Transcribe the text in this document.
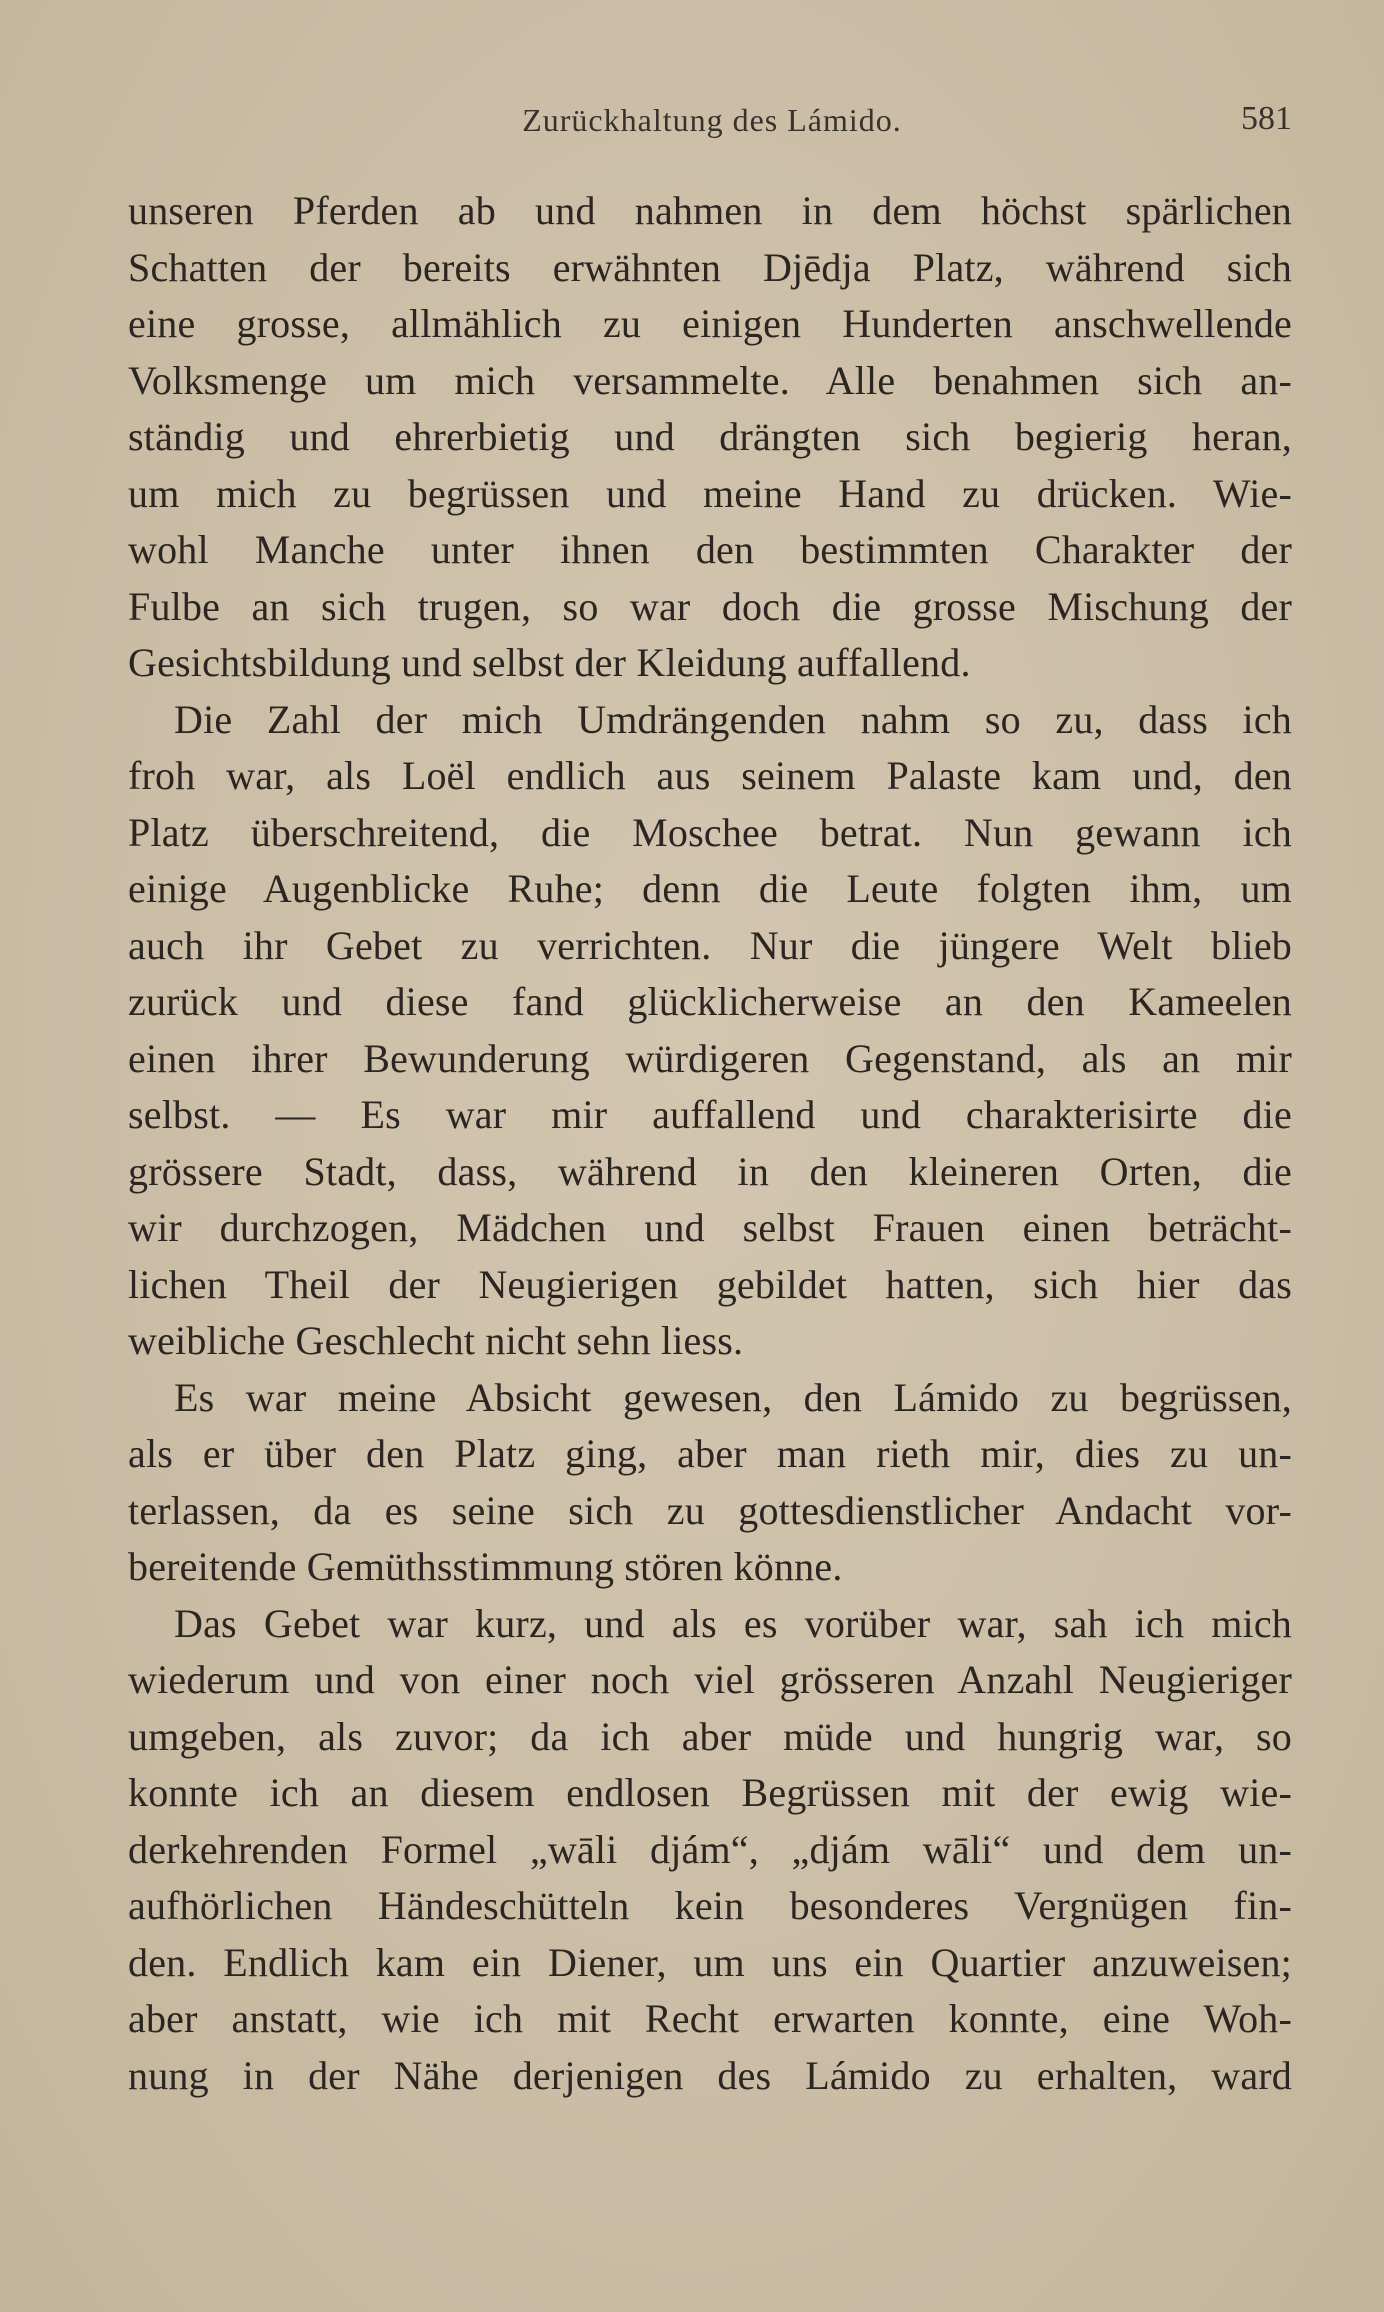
Zurückhaltung des Lámido.	581
unseren Pferden ab und nahmen in dem höchst spärlichen
Schatten der bereits erwähnten Djēdja Platz, während sich
eine grosse, allmählich zu einigen Hunderten anschwellende
Volksmenge um mich versammelte. Alle benahmen sich an-
ständig und ehrerbietig und drängten sich begierig heran,
um mich zu begrüssen und meine Hand zu drücken. Wie-
wohl Manche unter ihnen den bestimmten Charakter der
Fulbe an sich trugen, so war doch die grosse Mischung der
Gesichtsbildung und selbst der Kleidung auffallend.
Die Zahl der mich Umdrängenden nahm so zu, dass ich
froh war, als Loël endlich aus seinem Palaste kam und, den
Platz überschreitend, die Moschee betrat. Nun gewann ich
einige Augenblicke Ruhe; denn die Leute folgten ihm, um
auch ihr Gebet zu verrichten. Nur die jüngere Welt blieb
zurück und diese fand glücklicherweise an den Kameelen
einen ihrer Bewunderung würdigeren Gegenstand, als an mir
selbst. — Es war mir auffallend und charakterisirte die
grössere Stadt, dass, während in den kleineren Orten, die
wir durchzogen, Mädchen und selbst Frauen einen beträcht-
lichen Theil der Neugierigen gebildet hatten, sich hier das
weibliche Geschlecht nicht sehn liess.
Es war meine Absicht gewesen, den Lámido zu begrüssen,
als er über den Platz ging, aber man rieth mir, dies zu un-
terlassen, da es seine sich zu gottesdienstlicher Andacht vor-
bereitende Gemüthsstimmung stören könne.
Das Gebet war kurz, und als es vorüber war, sah ich mich
wiederum und von einer noch viel grösseren Anzahl Neugieriger
umgeben, als zuvor; da ich aber müde und hungrig war, so
konnte ich an diesem endlosen Begrüssen mit der ewig wie-
derkehrenden Formel „wāli djám“, „djám wāli“ und dem un-
aufhörlichen Händeschütteln kein besonderes Vergnügen fin-
den. Endlich kam ein Diener, um uns ein Quartier anzuweisen;
aber anstatt, wie ich mit Recht erwarten konnte, eine Woh-
nung in der Nähe derjenigen des Lámido zu erhalten, ward
